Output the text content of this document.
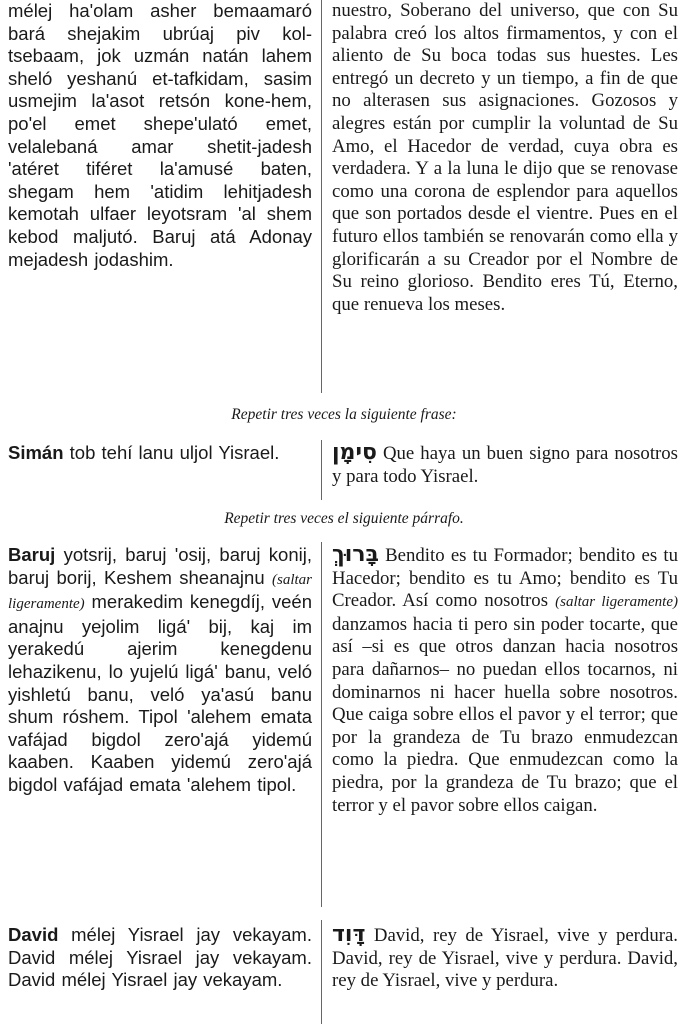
mélej ha'olam asher bemaamaró bará shejakim ubrúaj piv kol-tsebaam, jok uzmán natán lahem sheló yeshanú et-tafkidam, sasim usmejim la'asot retsón kone-hem, po'el emet shepe'ulató emet, velalebaná amar shetit-jadesh 'atéret tiféret la'amusé baten, shegam hem 'atidim lehitjadesh kemotah ulfaer leyotsram 'al shem kebod maljutó. Baruj atá Adonay mejadesh jodashim.

nuestro, Soberano del universo, que con Su palabra creó los altos firmamentos, y con el aliento de Su boca todas sus huestes. Les entregó un decreto y un tiempo, a fin de que no alterasen sus asignaciones. Gozosos y alegres están por cumplir la voluntad de Su Amo, el Hacedor de verdad, cuya obra es verdadera. Y a la luna le dijo que se renovase como una corona de esplendor para aquellos que son portados desde el vientre. Pues en el futuro ellos también se renovarán como ella y glorificarán a su Creador por el Nombre de Su reino glorioso. Bendito eres Tú, Eterno, que renueva los meses.

Repetir tres veces la siguiente frase:

Simán tob tehí lanu uljol Yisrael.	סִימָן Que haya un buen signo para nosotros y para todo Yisrael.

Repetir tres veces el siguiente párrafo.

Baruj yotsrij, baruj 'osij, baruj konij, baruj borij, Keshem sheanajnu (saltar ligeramente) merakedim kenegdíj, veén anajnu yejolim ligá' bij, kaj im yerakedú ajerim kenegdenu lehazikenu, lo yujelú ligá' banu, veló yishletú banu, veló ya'asú banu shum róshem. Tipol 'alehem emata vafájad bigdol zero'ajá yidemú kaaben. Kaaben yidemú zero'ajá bigdol vafájad emata 'alehem tipol.

בָּרוּךְ Bendito es tu Formador; bendito es tu Hacedor; bendito es tu Amo; bendito es Tu Creador. Así como nosotros (saltar ligeramente) danzamos hacia ti pero sin poder tocarte, que así –si es que otros danzan hacia nosotros para dañarnos– no puedan ellos tocarnos, ni dominarnos ni hacer huella sobre nosotros. Que caiga sobre ellos el pavor y el terror; que por la grandeza de Tu brazo enmudezcan como la piedra. Que enmudezcan como la piedra, por la grandeza de Tu brazo; que el terror y el pavor sobre ellos caigan.

David mélej Yisrael jay vekayam. David mélej Yisrael jay vekayam. David mélej Yisrael jay vekayam.

דָּוִד David, rey de Yisrael, vive y perdura. David, rey de Yisrael, vive y perdura. David, rey de Yisrael, vive y perdura.
